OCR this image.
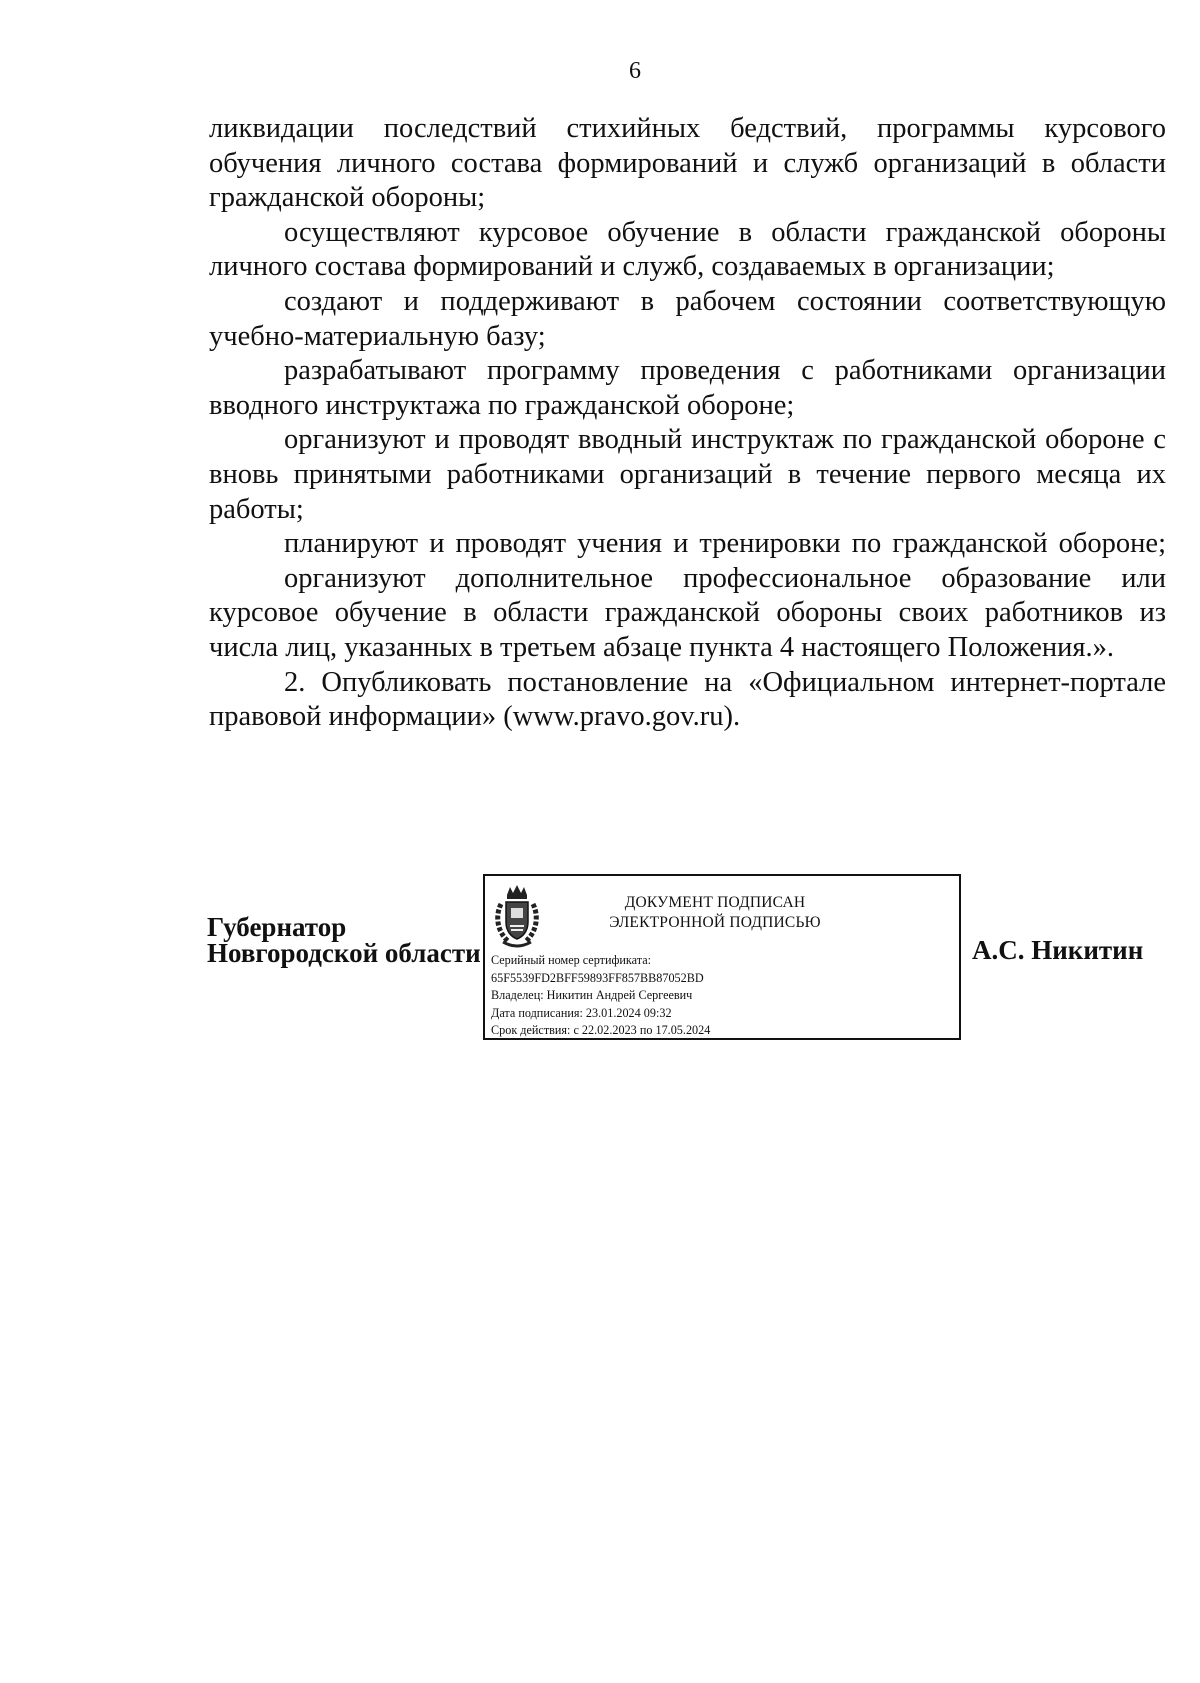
6

ликвидации последствий стихийных бедствий, программы курсового обучения личного состава формирований и служб организаций в области гражданской обороны;

осуществляют курсовое обучение в области гражданской обороны личного состава формирований и служб, создаваемых в организации;

создают и поддерживают в рабочем состоянии соответствующую учебно-материальную базу;

разрабатывают программу проведения с работниками организации вводного инструктажа по гражданской обороне;

организуют и проводят вводный инструктаж по гражданской обороне с вновь принятыми работниками организаций в течение первого месяца их работы;

планируют и проводят учения и тренировки по гражданской обороне;

организуют дополнительное профессиональное образование или курсовое обучение в области гражданской обороны своих работников из числа лиц, указанных в третьем абзаце пункта 4 настоящего Положения.».

2. Опубликовать постановление на «Официальном интернет-портале правовой информации» (www.pravo.gov.ru).

Губернатор
Новгородской области
ДОКУМЕНТ ПОДПИСАН
ЭЛЕКТРОННОЙ ПОДПИСЬЮ
Серийный номер сертификата:
65F5539FD2BFF59893FF857BB87052BD
Владелец: Никитин Андрей Сергеевич
Дата подписания: 23.01.2024 09:32
Срок действия: с 22.02.2023 по 17.05.2024
А.С. Никитин
